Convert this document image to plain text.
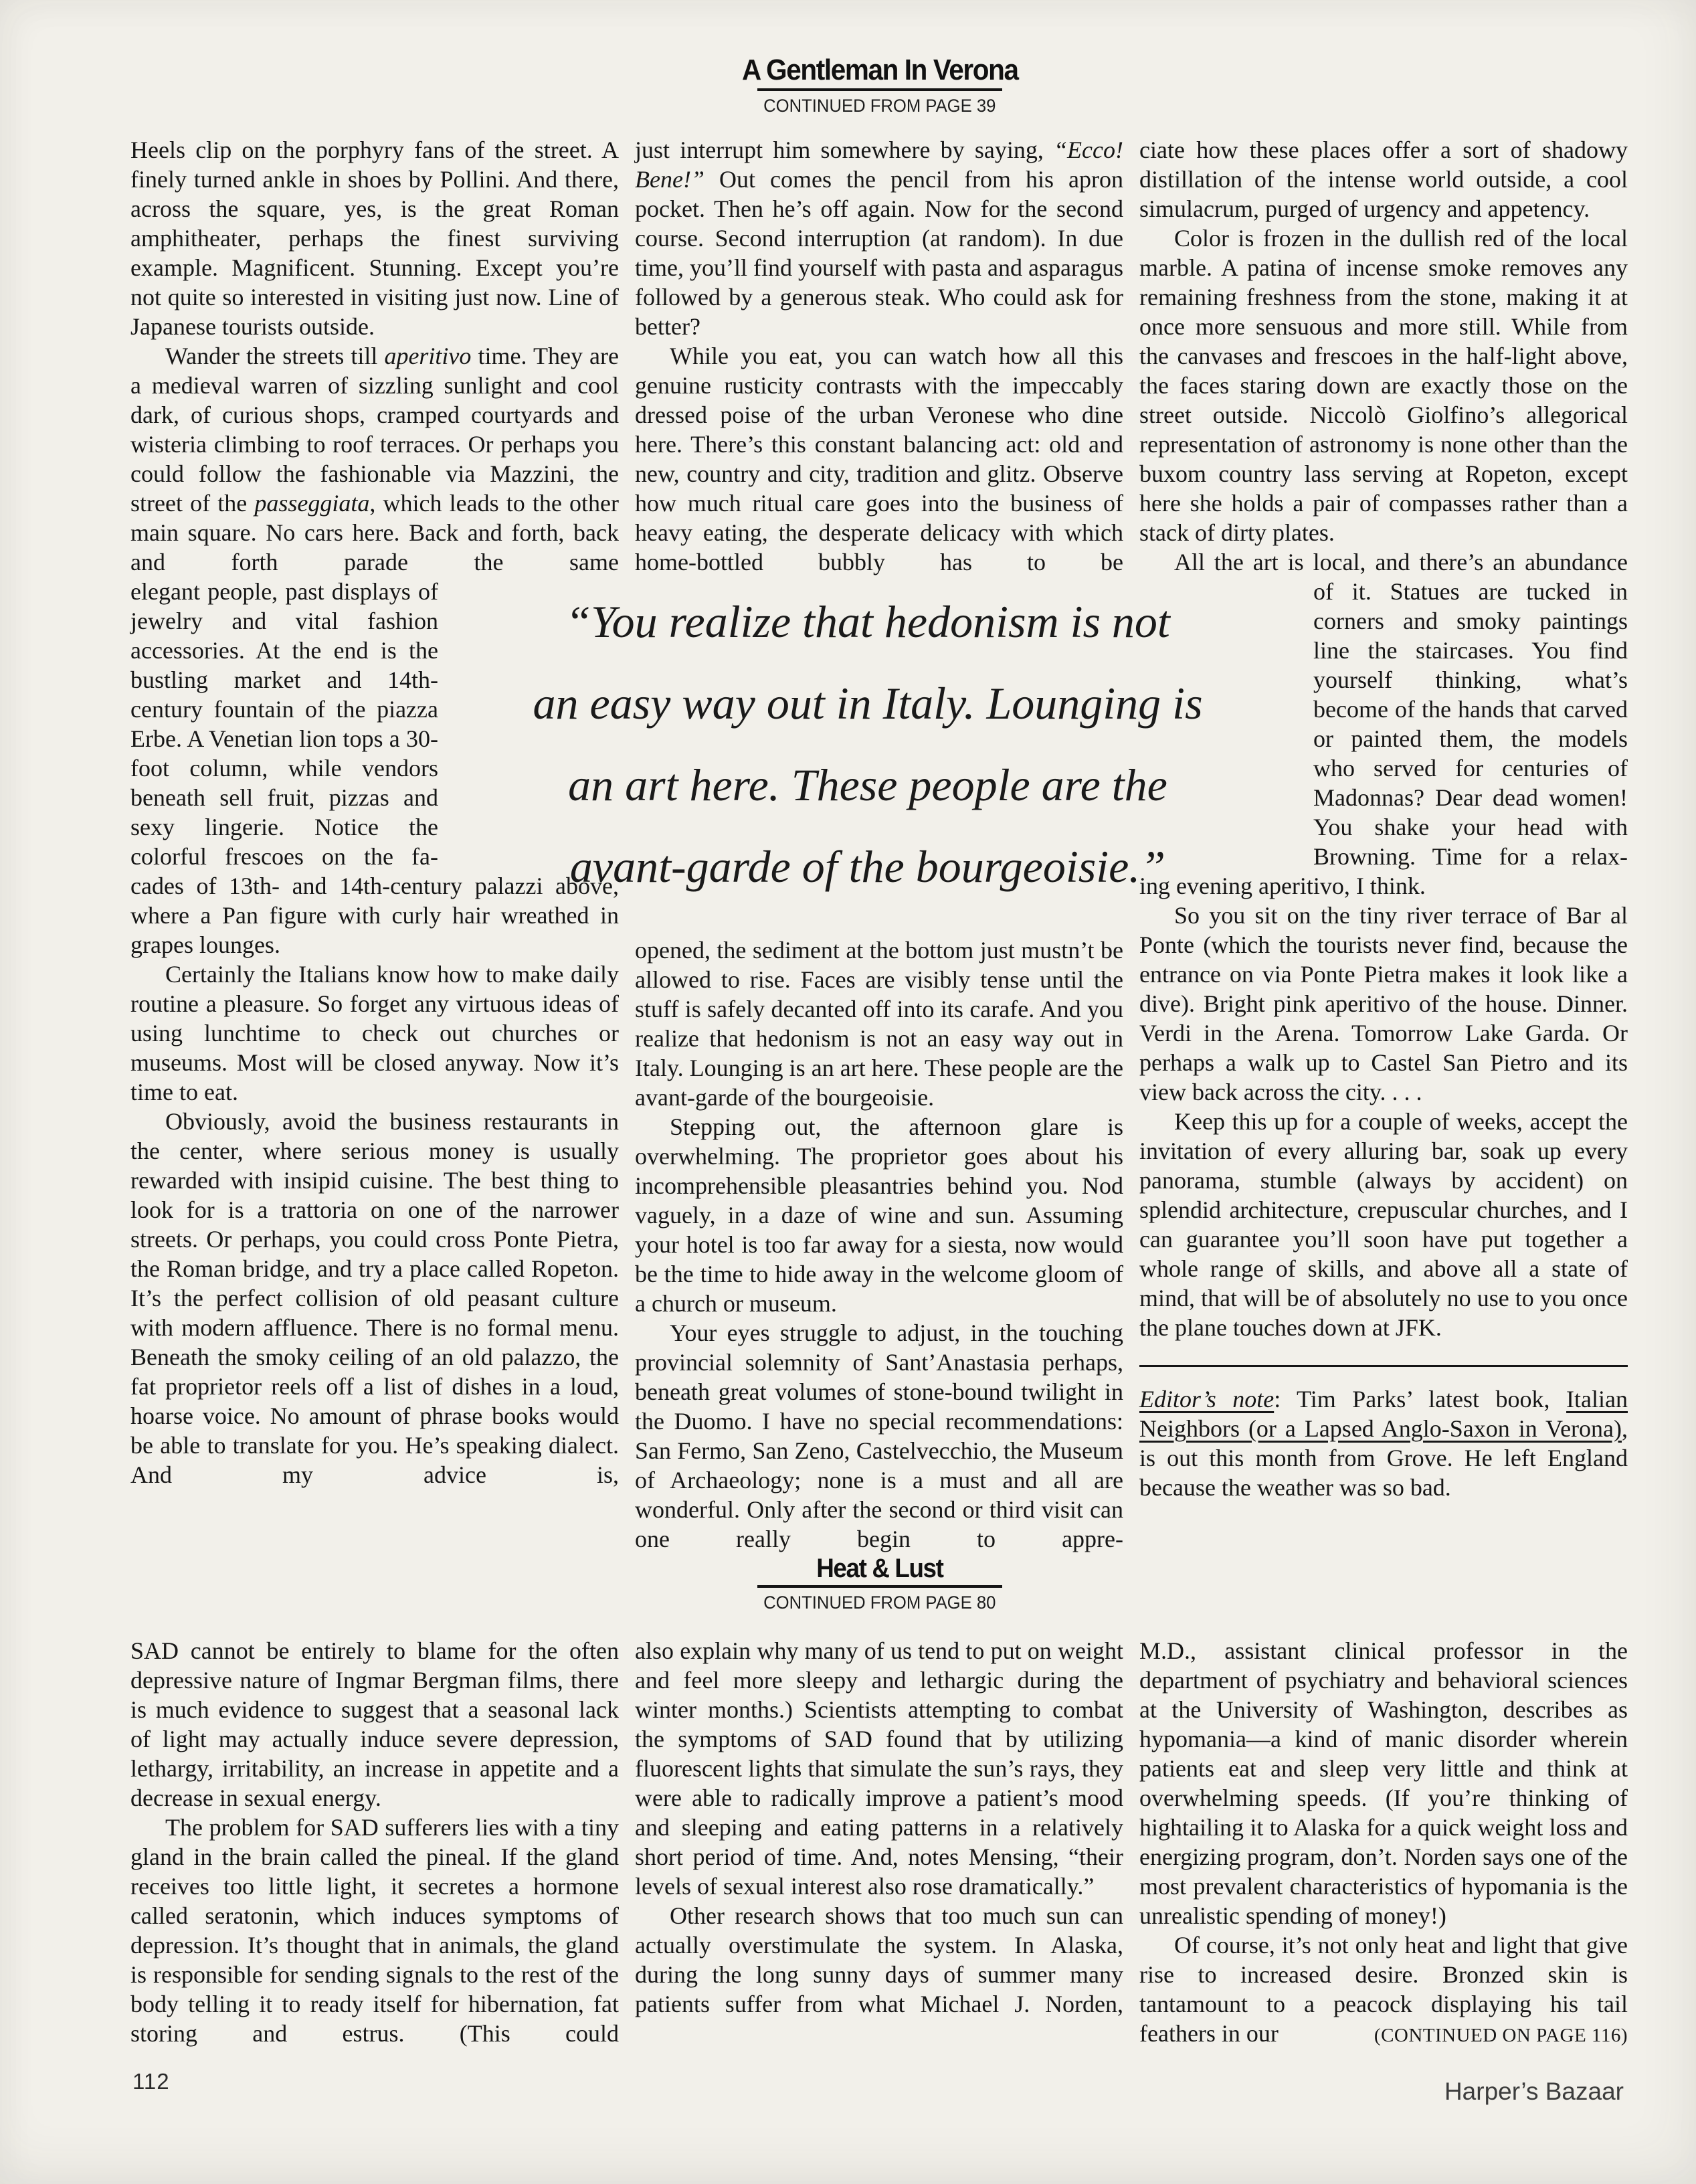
A Gentleman In Verona
CONTINUED FROM PAGE 39

Heels clip on the porphyry fans of the street. A finely turned ankle in shoes by Pollini. And there, across the square, yes, is the great Roman amphitheater, perhaps the finest surviving example. Magnificent. Stunning. Except you’re not quite so interested in visiting just now. Line of Japanese tourists outside.

Wander the streets till aperitivo time. They are a medieval warren of sizzling sunlight and cool dark, of curious shops, cramped courtyards and wisteria climbing to roof terraces. Or perhaps you could follow the fashionable via Mazzini, the street of the passeggiata, which leads to the other main square. No cars here. Back and forth, back and forth parade the same

elegant people, past displays of jewelry and vital fashion accessories. At the end is the bustling market and 14th-century fountain of the piazza Erbe. A Venetian lion tops a 30-foot column, while vendors beneath sell fruit, pizzas and sexy lingerie. Notice the colorful frescoes on the fa-

cades of 13th- and 14th-century palazzi above, where a Pan figure with curly hair wreathed in grapes lounges.

Certainly the Italians know how to make daily routine a pleasure. So forget any virtuous ideas of using lunchtime to check out churches or museums. Most will be closed anyway. Now it’s time to eat.

Obviously, avoid the business restaurants in the center, where serious money is usually rewarded with insipid cuisine. The best thing to look for is a trattoria on one of the narrower streets. Or perhaps, you could cross Ponte Pietra, the Roman bridge, and try a place called Ropeton. It’s the perfect collision of old peasant culture with modern affluence. There is no formal menu. Beneath the smoky ceiling of an old palazzo, the fat proprietor reels off a list of dishes in a loud, hoarse voice. No amount of phrase books would be able to translate for you. He’s speaking dialect. And my advice is,

just interrupt him somewhere by saying, “Ecco! Bene!” Out comes the pencil from his apron pocket. Then he’s off again. Now for the second course. Second interruption (at random). In due time, you’ll find yourself with pasta and asparagus followed by a generous steak. Who could ask for better?

While you eat, you can watch how all this genuine rusticity contrasts with the impeccably dressed poise of the urban Veronese who dine here. There’s this constant balancing act: old and new, country and city, tradition and glitz. Observe how much ritual care goes into the business of heavy eating, the desperate delicacy with which home-bottled bubbly has to be

opened, the sediment at the bottom just mustn’t be allowed to rise. Faces are visibly tense until the stuff is safely decanted off into its carafe. And you realize that hedonism is not an easy way out in Italy. Lounging is an art here. These people are the avant-garde of the bourgeoisie.

Stepping out, the afternoon glare is overwhelming. The proprietor goes about his incomprehensible pleasantries behind you. Nod vaguely, in a daze of wine and sun. Assuming your hotel is too far away for a siesta, now would be the time to hide away in the welcome gloom of a church or museum.

Your eyes struggle to adjust, in the touching provincial solemnity of Sant’Anastasia perhaps, beneath great volumes of stone-bound twilight in the Duomo. I have no special recommendations: San Fermo, San Zeno, Castelvecchio, the Museum of Archaeology; none is a must and all are wonderful. Only after the second or third visit can one really begin to appre-

ciate how these places offer a sort of shadowy distillation of the intense world outside, a cool simulacrum, purged of urgency and appetency.

Color is frozen in the dullish red of the local marble. A patina of incense smoke removes any remaining freshness from the stone, making it at once more sensuous and more still. While from the canvases and frescoes in the half-light above, the faces staring down are exactly those on the street outside. Niccolò Giolfino’s allegorical representation of astronomy is none other than the buxom country lass serving at Ropeton, except here she holds a pair of compasses rather than a stack of dirty plates.

All the art is local, and there’s an abundance

of it. Statues are tucked in corners and smoky paintings line the staircases. You find yourself thinking, what’s become of the hands that carved or painted them, the models who served for centuries of Madonnas? Dear dead women! You shake your head with Browning. Time for a relax-

ing evening aperitivo, I think.

So you sit on the tiny river terrace of Bar al Ponte (which the tourists never find, because the entrance on via Ponte Pietra makes it look like a dive). Bright pink aperitivo of the house. Dinner. Verdi in the Arena. Tomorrow Lake Garda. Or perhaps a walk up to Castel San Pietro and its view back across the city. . . .

Keep this up for a couple of weeks, accept the invitation of every alluring bar, soak up every panorama, stumble (always by accident) on splendid architecture, crepuscular churches, and I can guarantee you’ll soon have put together a whole range of skills, and above all a state of mind, that will be of absolutely no use to you once the plane touches down at JFK.

Editor’s note: Tim Parks’ latest book, Italian Neighbors (or a Lapsed Anglo-Saxon in Verona), is out this month from Grove. He left England because the weather was so bad.

“You realize that hedonism is not
an easy way out in Italy. Lounging is
an art here. These people are the
avant-garde of the bourgeoisie.”
Heat & Lust
CONTINUED FROM PAGE 80

SAD cannot be entirely to blame for the often depressive nature of Ingmar Bergman films, there is much evidence to suggest that a seasonal lack of light may actually induce severe depression, lethargy, irritability, an increase in appetite and a decrease in sexual energy.

The problem for SAD sufferers lies with a tiny gland in the brain called the pineal. If the gland receives too little light, it secretes a hormone called seratonin, which induces symptoms of depression. It’s thought that in animals, the gland is responsible for sending signals to the rest of the body telling it to ready itself for hibernation, fat storing and estrus. (This could

also explain why many of us tend to put on weight and feel more sleepy and lethargic during the winter months.) Scientists attempting to combat the symptoms of SAD found that by utilizing fluorescent lights that simulate the sun’s rays, they were able to radically improve a patient’s mood and sleeping and eating patterns in a relatively short period of time. And, notes Mensing, “their levels of sexual interest also rose dramatically.”

Other research shows that too much sun can actually overstimulate the system. In Alaska, during the long sunny days of summer many patients suffer from what Michael J. Norden,

M.D., assistant clinical professor in the department of psychiatry and behavioral sciences at the University of Washington, describes as hypomania—a kind of manic disorder wherein patients eat and sleep very little and think at overwhelming speeds. (If you’re thinking of hightailing it to Alaska for a quick weight loss and energizing program, don’t. Norden says one of the most prevalent characteristics of hypomania is the unrealistic spending of money!)

Of course, it’s not only heat and light that give rise to increased desire. Bronzed skin is tantamount to a peacock displaying his tail

feathers in our	(CONTINUED ON PAGE 116)
112	Harper’s Bazaar
